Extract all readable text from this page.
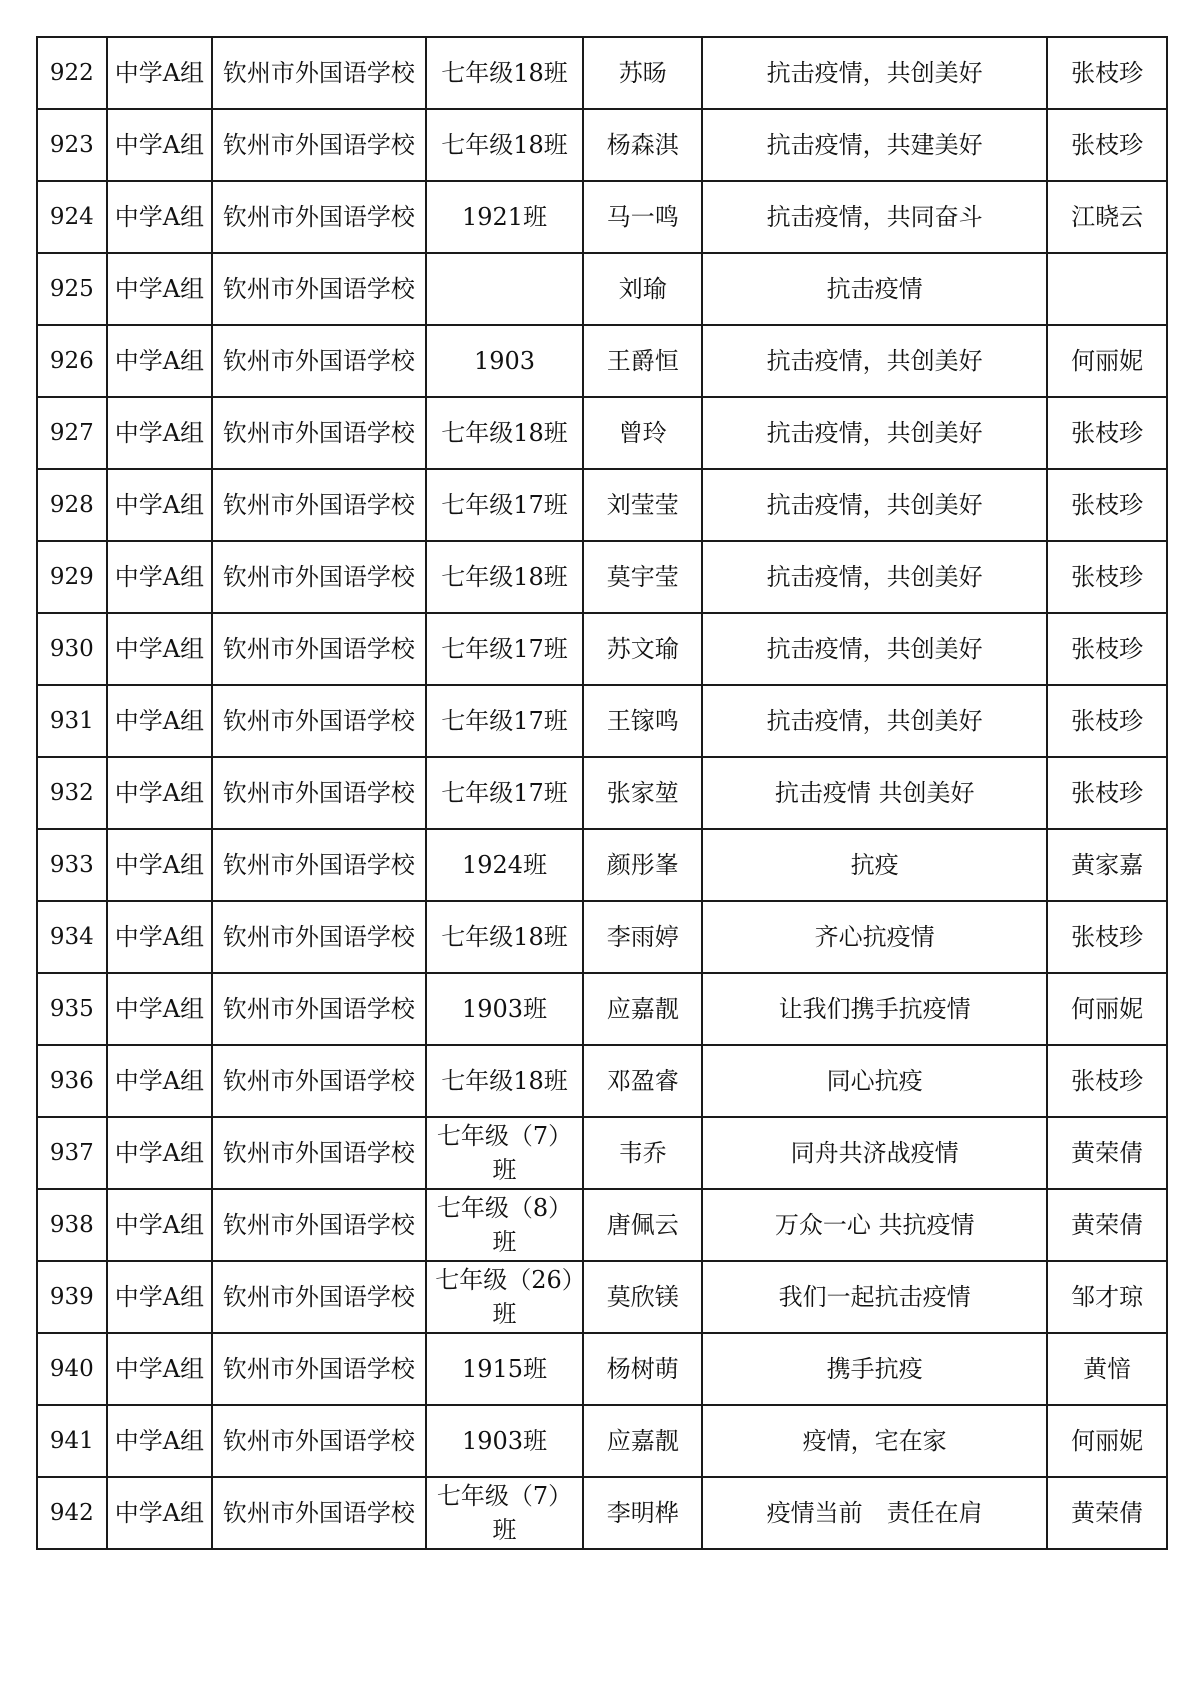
922	中学A组	钦州市外国语学校	七年级18班	苏旸	抗击疫情，共创美好	张枝珍
923	中学A组	钦州市外国语学校	七年级18班	杨森淇	抗击疫情，共建美好	张枝珍
924	中学A组	钦州市外国语学校	1921班	马一鸣	抗击疫情，共同奋斗	江晓云
925	中学A组	钦州市外国语学校		刘瑜	抗击疫情	
926	中学A组	钦州市外国语学校	1903	王爵恒	抗击疫情，共创美好	何丽妮
927	中学A组	钦州市外国语学校	七年级18班	曾玲	抗击疫情，共创美好	张枝珍
928	中学A组	钦州市外国语学校	七年级17班	刘莹莹	抗击疫情，共创美好	张枝珍
929	中学A组	钦州市外国语学校	七年级18班	莫宇莹	抗击疫情，共创美好	张枝珍
930	中学A组	钦州市外国语学校	七年级17班	苏文瑜	抗击疫情，共创美好	张枝珍
931	中学A组	钦州市外国语学校	七年级17班	王镓鸣	抗击疫情，共创美好	张枝珍
932	中学A组	钦州市外国语学校	七年级17班	张家堃	抗击疫情 共创美好	张枝珍
933	中学A组	钦州市外国语学校	1924班	颜彤峯	抗疫	黄家嘉
934	中学A组	钦州市外国语学校	七年级18班	李雨婷	齐心抗疫情	张枝珍
935	中学A组	钦州市外国语学校	1903班	应嘉靓	让我们携手抗疫情	何丽妮
936	中学A组	钦州市外国语学校	七年级18班	邓盈睿	同心抗疫	张枝珍
937	中学A组	钦州市外国语学校	七年级（7）班	韦乔	同舟共济战疫情	黄荣倩
938	中学A组	钦州市外国语学校	七年级（8）班	唐佩云	万众一心 共抗疫情	黄荣倩
939	中学A组	钦州市外国语学校	七年级（26）班	莫欣镁	我们一起抗击疫情	邹才琼
940	中学A组	钦州市外国语学校	1915班	杨树萌	携手抗疫	黄愔
941	中学A组	钦州市外国语学校	1903班	应嘉靓	疫情，宅在家	何丽妮
942	中学A组	钦州市外国语学校	七年级（7）班	李明桦	疫情当前　责任在肩	黄荣倩
